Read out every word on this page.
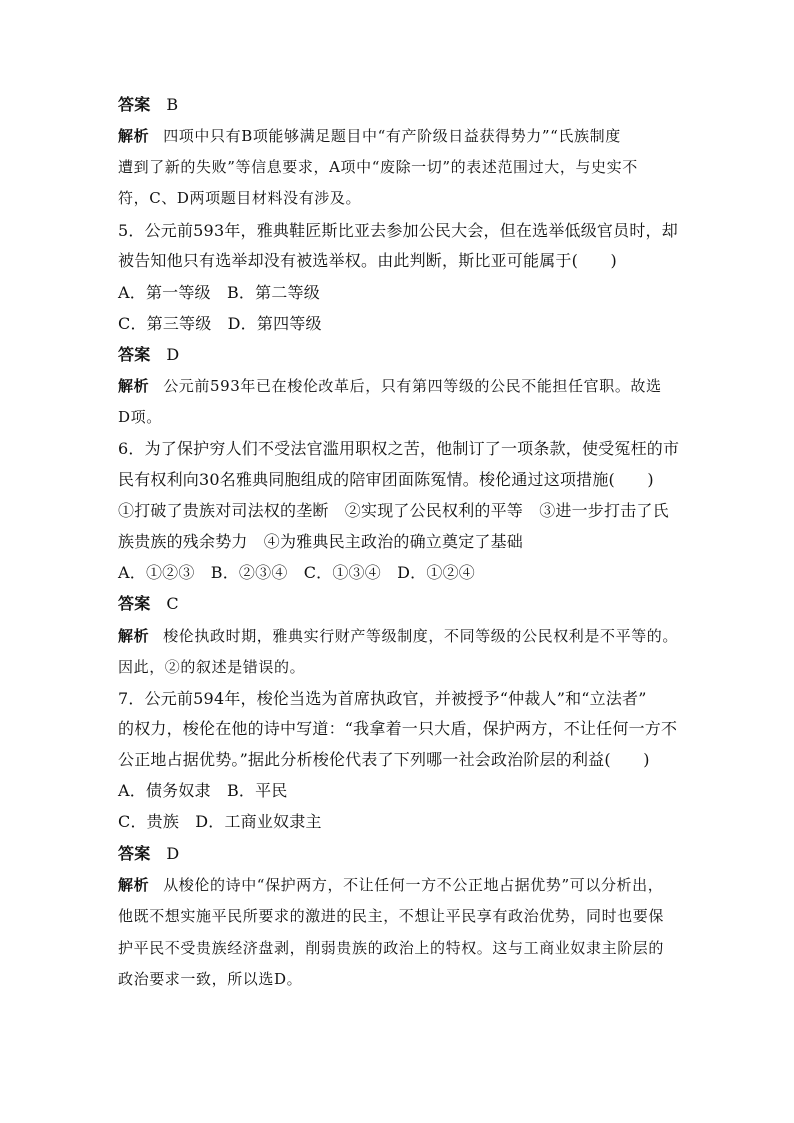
答案 B
解析 四项中只有B项能够满足题目中“有产阶级日益获得势力”“氏族制度
遭到了新的失败”等信息要求，A项中“废除一切”的表述范围过大，与史实不
符，C、D两项题目材料没有涉及。
5．公元前593年，雅典鞋匠斯比亚去参加公民大会，但在选举低级官员时，却
被告知他只有选举却没有被选举权。由此判断，斯比亚可能属于(　　)
A．第一等级　B．第二等级
C．第三等级　D．第四等级
答案 D
解析 公元前593年已在梭伦改革后，只有第四等级的公民不能担任官职。故选
D项。
6．为了保护穷人们不受法官滥用职权之苦，他制订了一项条款，使受冤枉的市
民有权利向30名雅典同胞组成的陪审团面陈冤情。梭伦通过这项措施(　　)
①打破了贵族对司法权的垄断　②实现了公民权利的平等　③进一步打击了氏
族贵族的残余势力　④为雅典民主政治的确立奠定了基础
A．①②③　B．②③④　C．①③④　D．①②④
答案 C
解析 梭伦执政时期，雅典实行财产等级制度，不同等级的公民权利是不平等的。
因此，②的叙述是错误的。
7．公元前594年，梭伦当选为首席执政官，并被授予“仲裁人”和“立法者”
的权力，梭伦在他的诗中写道：“我拿着一只大盾，保护两方，不让任何一方不
公正地占据优势。”据此分析梭伦代表了下列哪一社会政治阶层的利益(　　)
A．债务奴隶　B．平民
C．贵族　D．工商业奴隶主
答案 D
解析 从梭伦的诗中“保护两方，不让任何一方不公正地占据优势”可以分析出，
他既不想实施平民所要求的激进的民主，不想让平民享有政治优势，同时也要保
护平民不受贵族经济盘剥，削弱贵族的政治上的特权。这与工商业奴隶主阶层的
政治要求一致，所以选D。
